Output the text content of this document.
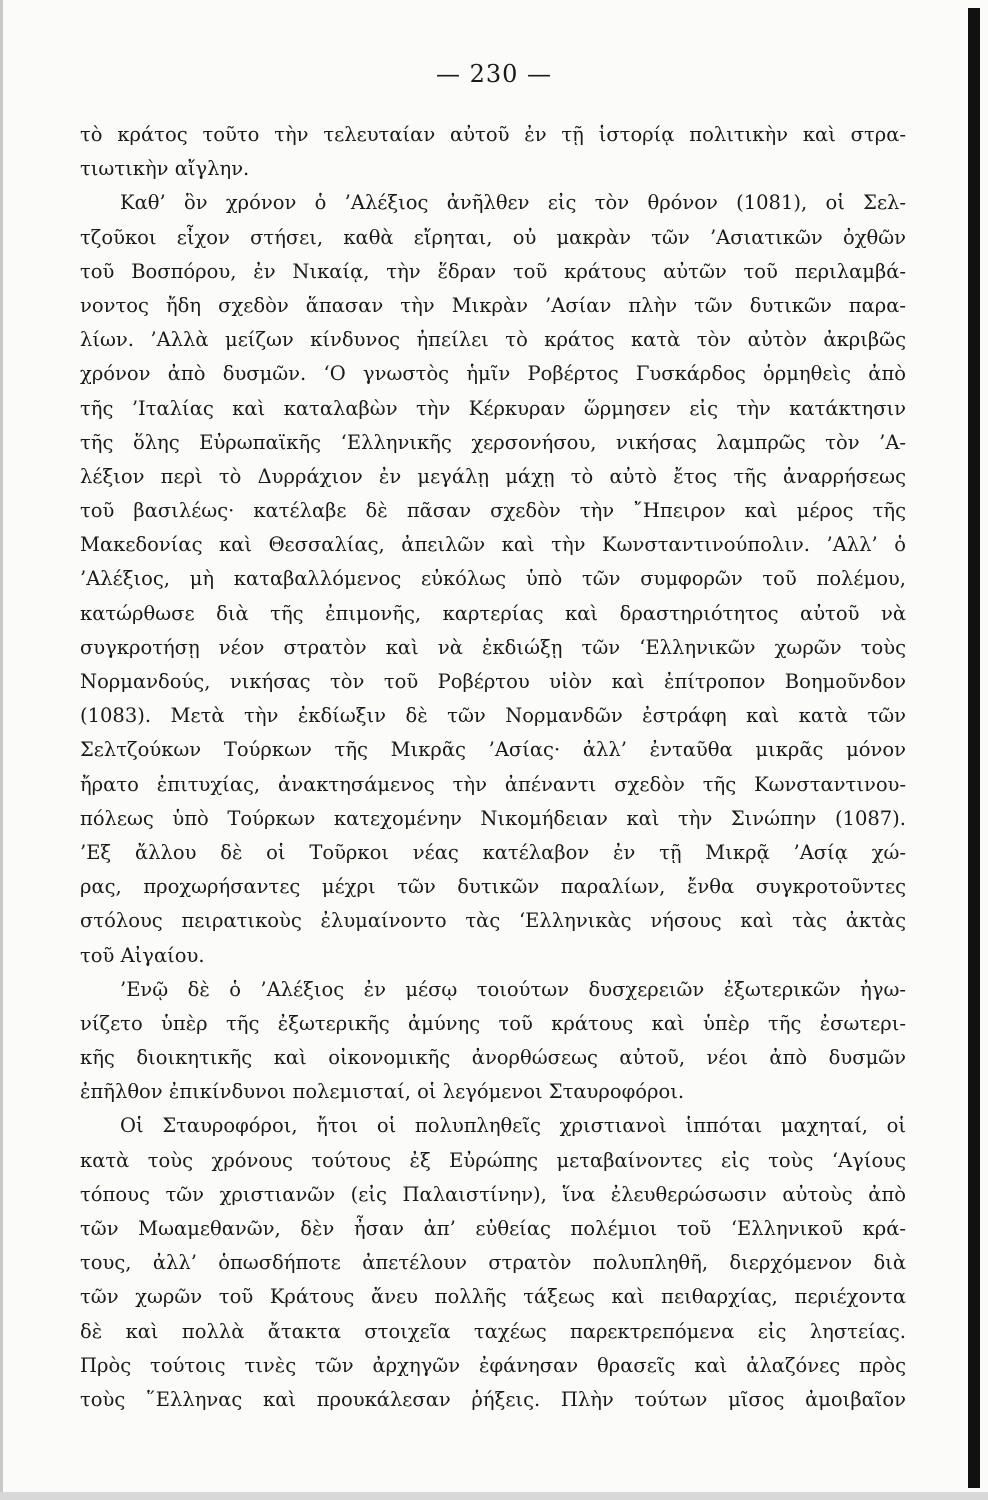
— 230 —
τὸ κράτος τοῦτο τὴν τελευταίαν αὐτοῦ ἐν τῇ ἱστορίᾳ πολιτικὴν καὶ στρα-
τιωτικὴν αἴγλην.
Καθ’ ὃν χρόνον ὁ ’Αλέξιος ἀνῆλθεν εἰς τὸν θρόνον (1081), οἱ Σελ-
τζοῦκοι εἶχον στήσει, καθὰ εἴρηται, οὐ μακρὰν τῶν ’Ασιατικῶν ὀχθῶν
τοῦ Βοσπόρου, ἐν Νικαίᾳ, τὴν ἕδραν τοῦ κράτους αὐτῶν τοῦ περιλαμβά-
νοντος ἤδη σχεδὸν ἅπασαν τὴν Μικρὰν ’Ασίαν πλὴν τῶν δυτικῶν παρα-
λίων. ’Αλλὰ μείζων κίνδυνος ἠπείλει τὸ κράτος κατὰ τὸν αὐτὸν ἀκριβῶς
χρόνον ἀπὸ δυσμῶν. ‘Ο γνωστὸς ἡμῖν Ροβέρτος Γυσκάρδος ὁρμηθεὶς ἀπὸ
τῆς ’Ιταλίας καὶ καταλαβὼν τὴν Κέρκυραν ὥρμησεν εἰς τὴν κατάκτησιν
τῆς ὅλης Εὐρωπαϊκῆς ‘Ελληνικῆς χερσονήσου, νικήσας λαμπρῶς τὸν ’Α-
λέξιον περὶ τὸ Δυρράχιον ἐν μεγάλῃ μάχῃ τὸ αὐτὸ ἔτος τῆς ἀναρρήσεως
τοῦ βασιλέως· κατέλαβε δὲ πᾶσαν σχεδὸν τὴν ῎Ηπειρον καὶ μέρος τῆς
Μακεδονίας καὶ Θεσσαλίας, ἀπειλῶν καὶ τὴν Κωνσταντινούπολιν. ’Αλλ’ ὁ
’Αλέξιος, μὴ καταβαλλόμενος εὐκόλως ὑπὸ τῶν συμφορῶν τοῦ πολέμου,
κατώρθωσε διὰ τῆς ἐπιμονῆς, καρτερίας καὶ δραστηριότητος αὐτοῦ νὰ
συγκροτήσῃ νέον στρατὸν καὶ νὰ ἐκδιώξῃ τῶν ‘Ελληνικῶν χωρῶν τοὺς
Νορμανδούς, νικήσας τὸν τοῦ Ροβέρτου υἱὸν καὶ ἐπίτροπον Βοημοῦνδον
(1083). Μετὰ τὴν ἐκδίωξιν δὲ τῶν Νορμανδῶν ἐστράφη καὶ κατὰ τῶν
Σελτζούκων Τούρκων τῆς Μικρᾶς ’Ασίας· ἀλλ’ ἐνταῦθα μικρᾶς μόνον
ἤρατο ἐπιτυχίας, ἀνακτησάμενος τὴν ἀπέναντι σχεδὸν τῆς Κωνσταντινου-
πόλεως ὑπὸ Τούρκων κατεχομένην Νικομήδειαν καὶ τὴν Σινώπην (1087).
’Εξ ἄλλου δὲ οἱ Τοῦρκοι νέας κατέλαβον ἐν τῇ Μικρᾷ ’Ασίᾳ χώ-
ρας, προχωρήσαντες μέχρι τῶν δυτικῶν παραλίων, ἔνθα συγκροτοῦντες
στόλους πειρατικοὺς ἐλυμαίνοντο τὰς ‘Ελληνικὰς νήσους καὶ τὰς ἀκτὰς
τοῦ Αἰγαίου.
’Ενῷ δὲ ὁ ’Αλέξιος ἐν μέσῳ τοιούτων δυσχερειῶν ἐξωτερικῶν ἠγω-
νίζετο ὑπὲρ τῆς ἐξωτερικῆς ἀμύνης τοῦ κράτους καὶ ὑπὲρ τῆς ἐσωτερι-
κῆς διοικητικῆς καὶ οἰκονομικῆς ἀνορθώσεως αὐτοῦ, νέοι ἀπὸ δυσμῶν
ἐπῆλθον ἐπικίνδυνοι πολεμισταί, οἱ λεγόμενοι Σταυροφόροι.
Οἱ Σταυροφόροι, ἤτοι οἱ πολυπληθεῖς χριστιανοὶ ἱππόται μαχηταί, οἱ
κατὰ τοὺς χρόνους τούτους ἐξ Εὐρώπης μεταβαίνοντες εἰς τοὺς ‘Αγίους
τόπους τῶν χριστιανῶν (εἰς Παλαιστίνην), ἵνα ἐλευθερώσωσιν αὐτοὺς ἀπὸ
τῶν Μωαμεθανῶν, δὲν ἦσαν ἀπ’ εὐθείας πολέμιοι τοῦ ‘Ελληνικοῦ κρά-
τους, ἀλλ’ ὁπωσδήποτε ἀπετέλουν στρατὸν πολυπληθῆ, διερχόμενον διὰ
τῶν χωρῶν τοῦ Κράτους ἄνευ πολλῆς τάξεως καὶ πειθαρχίας, περιέχοντα
δὲ καὶ πολλὰ ἄτακτα στοιχεῖα ταχέως παρεκτρεπόμενα εἰς ληστείας.
Πρὸς τούτοις τινὲς τῶν ἀρχηγῶν ἐφάνησαν θρασεῖς καὶ ἀλαζόνες πρὸς
τοὺς ῞Ελληνας καὶ προυκάλεσαν ῥήξεις. Πλὴν τούτων μῖσος ἀμοιβαῖον
